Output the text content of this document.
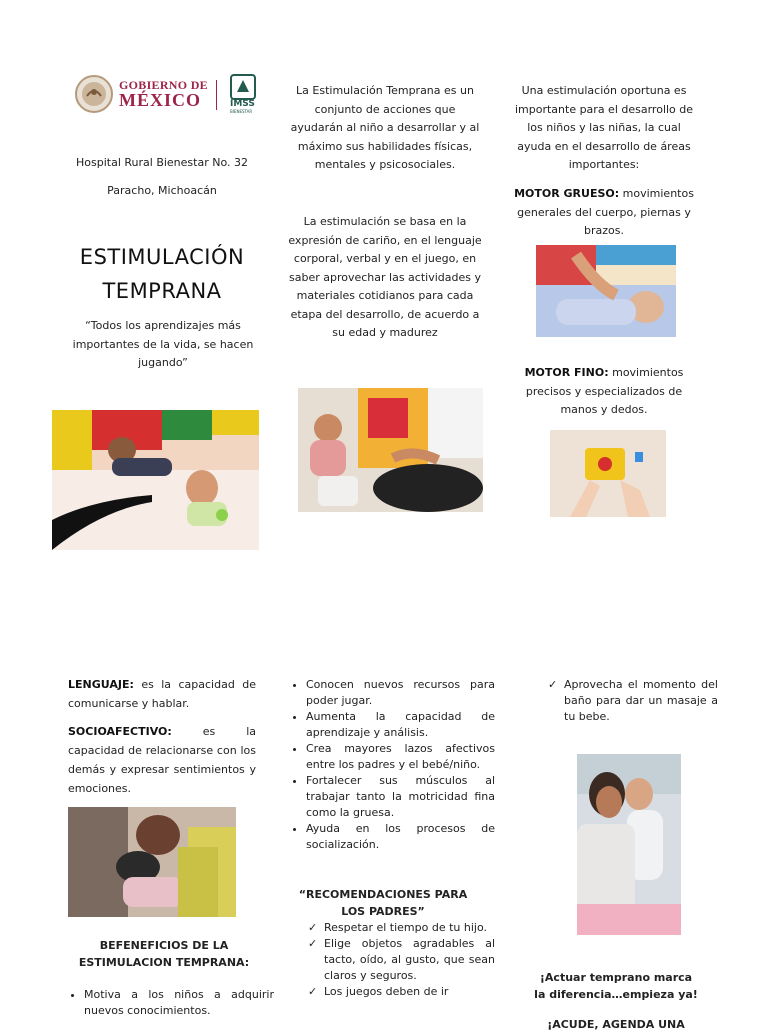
GOBIERNO DE
MÉXICO	IMSS
BIENESTAR
Hospital Rural Bienestar No. 32
Paracho, Michoacán
ESTIMULACIÓN
TEMPRANA
“Todos los aprendizajes más importantes de la vida, se hacen jugando”
La Estimulación Temprana es un conjunto de acciones que ayudarán al niño a desarrollar y al máximo sus habilidades físicas, mentales y psicosociales.
La estimulación se basa en la expresión de cariño, en el lenguaje corporal, verbal y en el juego, en saber aprovechar las actividades y materiales cotidianos para cada etapa del desarrollo, de acuerdo a su edad y madurez
Una estimulación oportuna es importante para el desarrollo de los niños y las niñas, la cual ayuda en el desarrollo de áreas importantes:
MOTOR GRUESO: movimientos generales del cuerpo, piernas y brazos.
MOTOR FINO: movimientos precisos y especializados de manos y dedos.
LENGUAJE: es la capacidad de comunicarse y hablar.
SOCIOAFECTIVO: es la capacidad de relacionarse con los demás y expresar sentimientos y emociones.
BEFENEFICIOS DE LA ESTIMULACION TEMPRANA:
• Motiva a los niños a adquirir nuevos conocimientos.
• Conocen nuevos recursos para poder jugar.
• Aumenta la capacidad de aprendizaje y análisis.
• Crea mayores lazos afectivos entre los padres y el bebé/niño.
• Fortalecer sus músculos al trabajar tanto la motricidad fina como la gruesa.
• Ayuda en los procesos de socialización.
“RECOMENDACIONES PARA LOS PADRES”
✓ Respetar el tiempo de tu hijo.
✓ Elige objetos agradables al tacto, oído, al gusto, que sean claros y seguros.
✓ Los juegos deben de ir
✓ Aprovecha el momento del baño para dar un masaje a tu bebe.
¡Actuar temprano marca la diferencia…empieza ya!
¡ACUDE, AGENDA UNA
